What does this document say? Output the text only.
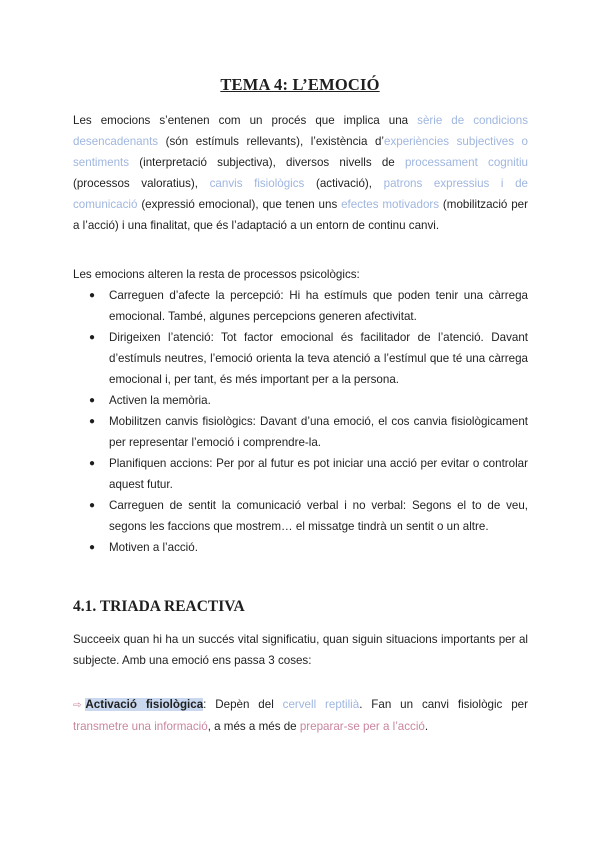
TEMA 4: L’EMOCIÓ

Les emocions s’entenen com un procés que implica una sèrie de condicions desencadenants (són estímuls rellevants), l’existència d’experiències subjectives o sentiments (interpretació subjectiva), diversos nivells de processament cognitiu (processos valoratius), canvis fisiològics (activació), patrons expressius i de comunicació (expressió emocional), que tenen uns efectes motivadors (mobilització per a l’acció) i una finalitat, que és l’adaptació a un entorn de continu canvi.

Les emocions alteren la resta de processos psicològics:

● Carreguen d’afecte la percepció: Hi ha estímuls que poden tenir una càrrega emocional. També, algunes percepcions generen afectivitat.
● Dirigeixen l’atenció: Tot factor emocional és facilitador de l’atenció. Davant d’estímuls neutres, l’emoció orienta la teva atenció a l’estímul que té una càrrega emocional i, per tant, és més important per a la persona.
● Activen la memòria.
● Mobilitzen canvis fisiològics: Davant d’una emoció, el cos canvia fisiològicament per representar l’emoció i comprendre-la.
● Planifiquen accions: Per por al futur es pot iniciar una acció per evitar o controlar aquest futur.
● Carreguen de sentit la comunicació verbal i no verbal: Segons el to de veu, segons les faccions que mostrem… el missatge tindrà un sentit o un altre.
● Motiven a l’acció.
4.1. TRIADA REACTIVA

Succeeix quan hi ha un succés vital significatiu, quan siguin situacions importants per al subjecte. Amb una emoció ens passa 3 coses:

⇨ Activació fisiològica: Depèn del cervell reptilià. Fan un canvi fisiològic per transmetre una informació, a més a més de preparar-se per a l’acció.
